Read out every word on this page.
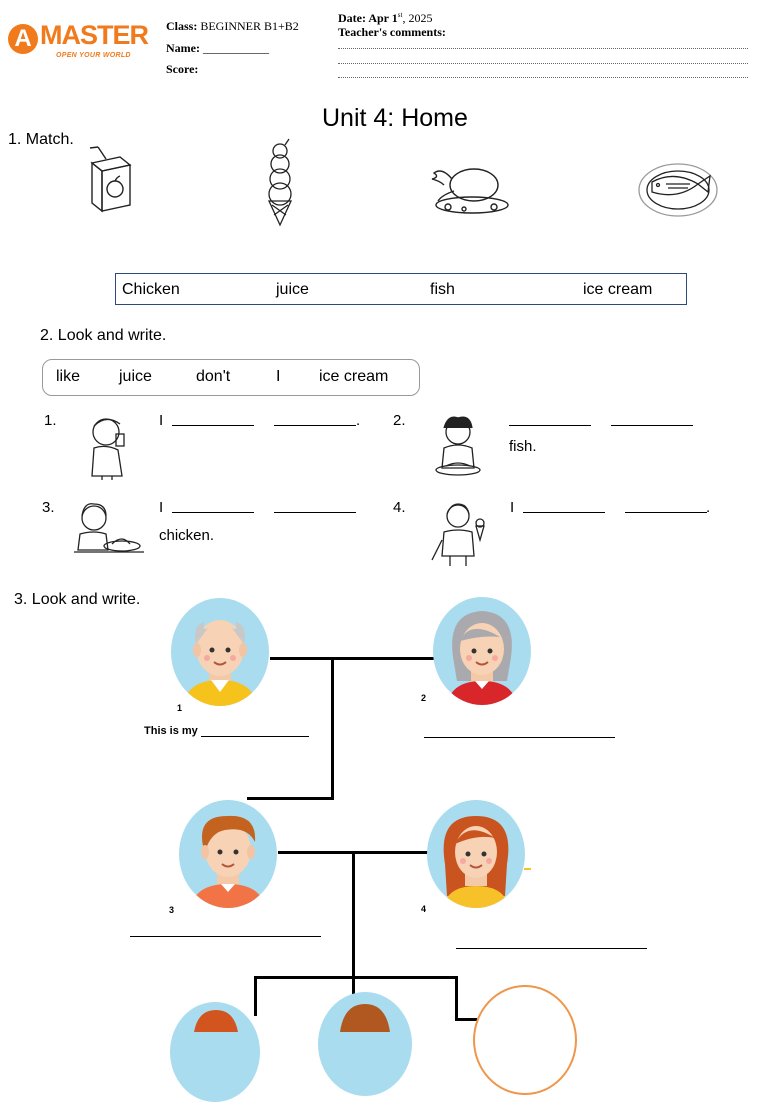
A MASTER
OPEN YOUR WORLD
Class: BEGINNER B1+B2
Name: ___________
Score:
Date: Apr 1st, 2025
Teacher's comments:
Unit 4: Home
1. Match.
Chicken	juice	fish	ice cream
2. Look and write.
like juice	don't	I ice cream
1.	I	. 2.
fish.
3.	I
chicken.
4.	I	.
3. Look and write.
1
This is my
2
3	4
